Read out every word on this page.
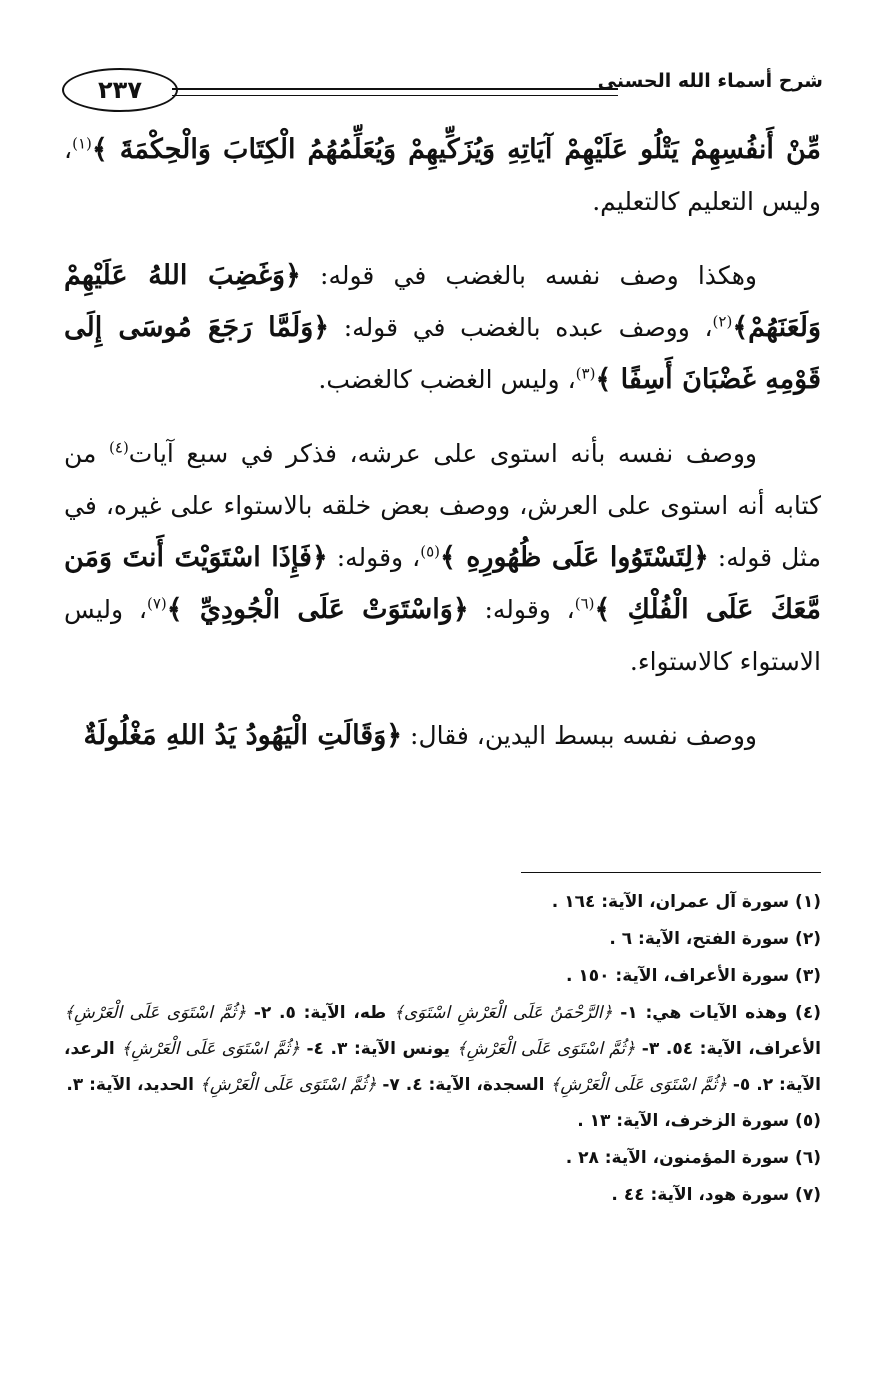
شرح أسماء الله الحسنى
٢٣٧

مِّنْ أَنفُسِهِمْ يَتْلُو عَلَيْهِمْ آيَاتِهِ وَيُزَكِّيهِمْ وَيُعَلِّمُهُمُ الْكِتَابَ وَالْحِكْمَةَ ﴾$^{(١)}$، وليس التعليم كالتعليم.

وهكذا وصف نفسه بالغضب في قوله: ﴿وَغَضِبَ اللهُ عَلَيْهِمْ وَلَعَنَهُمْ﴾$^{(٢)}$، ووصف عبده بالغضب في قوله: ﴿وَلَمَّا رَجَعَ مُوسَى إِلَى قَوْمِهِ غَضْبَانَ أَسِفًا ﴾$^{(٣)}$، وليس الغضب كالغضب.

ووصف نفسه بأنه استوى على عرشه، فذكر في سبع آيات$^{(٤)}$ من كتابه أنه استوى على العرش، ووصف بعض خلقه بالاستواء على غيره، في مثل قوله: ﴿لِتَسْتَوُوا عَلَى ظُهُورِهِ ﴾$^{(٥)}$، وقوله: ﴿فَإِذَا اسْتَوَيْتَ أَنتَ وَمَن مَّعَكَ عَلَى الْفُلْكِ ﴾$^{(٦)}$، وقوله: ﴿وَاسْتَوَتْ عَلَى الْجُودِيِّ ﴾$^{(٧)}$، وليس الاستواء كالاستواء.

ووصف نفسه ببسط اليدين، فقال: ﴿وَقَالَتِ الْيَهُودُ يَدُ اللهِ مَغْلُولَةٌ

(١) سورة آل عمران، الآية: ١٦٤ .

(٢) سورة الفتح، الآية: ٦ .

(٣) سورة الأعراف، الآية: ١٥٠ .

(٤) وهذه الآيات هي: ١- ﴿الرَّحْمَنُ عَلَى الْعَرْشِ اسْتَوَى﴾ طه، الآية: ٥. ٢- ﴿ثُمَّ اسْتَوَى عَلَى الْعَرْشِ﴾ الأعراف، الآية: ٥٤. ٣- ﴿ثُمَّ اسْتَوَى عَلَى الْعَرْشِ﴾ يونس الآية: ٣. ٤- ﴿ثُمَّ اسْتَوَى عَلَى الْعَرْشِ﴾ الرعد، الآية: ٢. ٥- ﴿ثُمَّ اسْتَوَى عَلَى الْعَرْشِ﴾ السجدة، الآية: ٤. ٧- ﴿ثُمَّ اسْتَوَى عَلَى الْعَرْشِ﴾ الحديد، الآية: ٣.

(٥) سورة الزخرف، الآية: ١٣ .

(٦) سورة المؤمنون، الآية: ٢٨ .

(٧) سورة هود، الآية: ٤٤ .
